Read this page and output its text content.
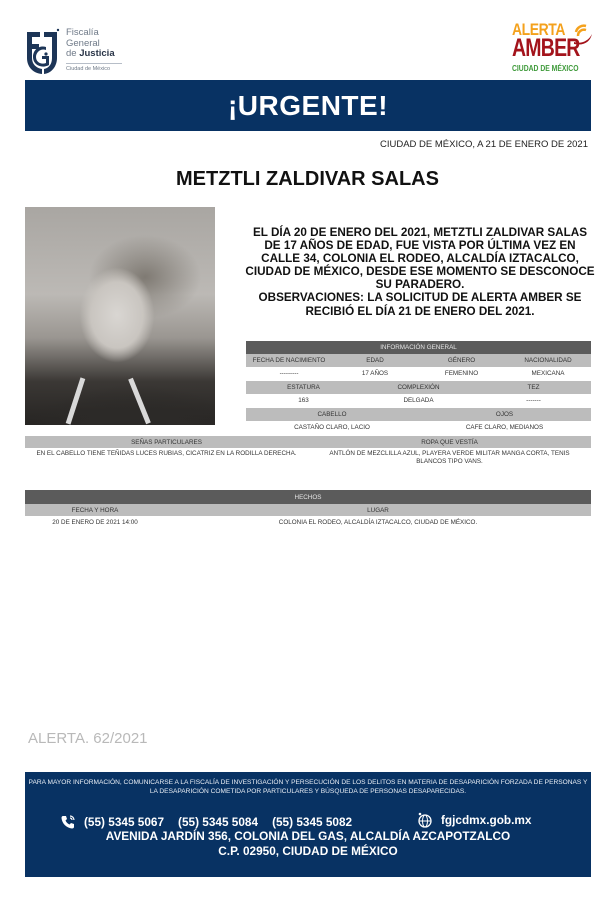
Fiscalía
General
de Justicia
Ciudad de México
ALERTA
AMBER
CIUDAD DE MÉXICO
¡URGENTE!
CIUDAD DE MÉXICO, A 21 DE ENERO DE 2021
METZTLI ZALDIVAR SALAS
EL DÍA 20 DE ENERO DEL 2021, METZTLI ZALDIVAR SALAS DE 17 AÑOS DE EDAD, FUE VISTA POR ÚLTIMA VEZ EN CALLE 34, COLONIA EL RODEO, ALCALDÍA IZTACALCO, CIUDAD DE MÉXICO, DESDE ESE MOMENTO SE DESCONOCE SU PARADERO.
OBSERVACIONES: LA SOLICITUD DE ALERTA AMBER SE RECIBIÓ EL DÍA 21 DE ENERO DEL 2021.
INFORMACIÓN GENERAL
FECHA DE NACIMIENTO	EDAD	GÉNERO	NACIONALIDAD
---------	17 AÑOS	FEMENINO	MEXICANA
ESTATURA	COMPLEXIÓN	TEZ
163	DELGADA	-------
CABELLO	OJOS
CASTAÑO CLARO, LACIO	CAFE CLARO, MEDIANOS
SEÑAS PARTICULARES	ROPA QUE VESTÍA
EN EL CABELLO TIENE TEÑIDAS LUCES RUBIAS, CICATRIZ EN LA RODILLA DERECHA.	ANTLÓN DE MEZCLILLA AZUL, PLAYERA VERDE MILITAR MANGA CORTA, TENIS BLANCOS TIPO VANS.
HECHOS
FECHA Y HORA	LUGAR
20 DE ENERO DE 2021 14:00	COLONIA EL RODEO, ALCALDÍA IZTACALCO, CIUDAD DE MÉXICO.
ALERTA. 62/2021
PARA MAYOR INFORMACIÓN, COMUNICARSE A LA FISCALÍA DE INVESTIGACIÓN Y PERSECUCIÓN DE LOS DELITOS EN MATERIA DE DESAPARICIÓN FORZADA DE PERSONAS Y LA DESAPARICIÓN COMETIDA POR PARTICULARES Y BÚSQUEDA DE PERSONAS DESAPARECIDAS.
(55) 5345 5067 (55) 5345 5084 (55) 5345 5082	fgjcdmx.gob.mx
AVENIDA JARDÍN 356, COLONIA DEL GAS, ALCALDÍA AZCAPOTZALCO
C.P. 02950, CIUDAD DE MÉXICO
